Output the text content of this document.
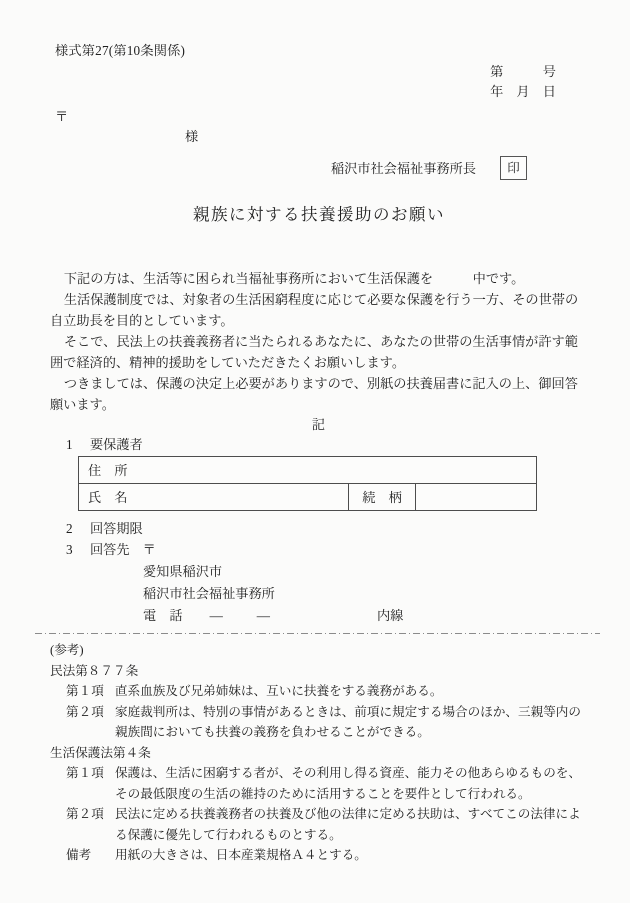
様式第27(第10条関係)
第　　　号
年　月　日
〒
様
稲沢市社会福祉事務所長 印
親族に対する扶養援助のお願い

下記の方は、生活等に困られ当福祉事務所において生活保護を　　　中です。

生活保護制度では、対象者の生活困窮程度に応じて必要な保護を行う一方、その世帯の自立助長を目的としています。

そこで、民法上の扶養義務者に当たられるあなたに、あなたの世帯の生活事情が許す範囲で経済的、精神的援助をしていただきたくお願いします。

つきましては、保護の決定上必要がありますので、別紙の扶養届書に記入の上、御回答願います。

記
1	要保護者
住　所
氏　名	続　柄	
2	回答期限
3	回答先 〒
愛知県稲沢市
稲沢市社会福祉事務所
電　話 ―	―	内線
(参考)
民法第８７７条
第１項 直系血族及び兄弟姉妹は、互いに扶養をする義務がある。
第２項 家庭裁判所は、特別の事情があるときは、前項に規定する場合のほか、三親等内の親族間においても扶養の義務を負わせることができる。
生活保護法第４条
第１項 保護は、生活に困窮する者が、その利用し得る資産、能力その他あらゆるものを、その最低限度の生活の維持のために活用することを要件として行われる。
第２項 民法に定める扶養義務者の扶養及び他の法律に定める扶助は、すべてこの法律による保護に優先して行われるものとする。
備考	用紙の大きさは、日本産業規格Ａ４とする。
